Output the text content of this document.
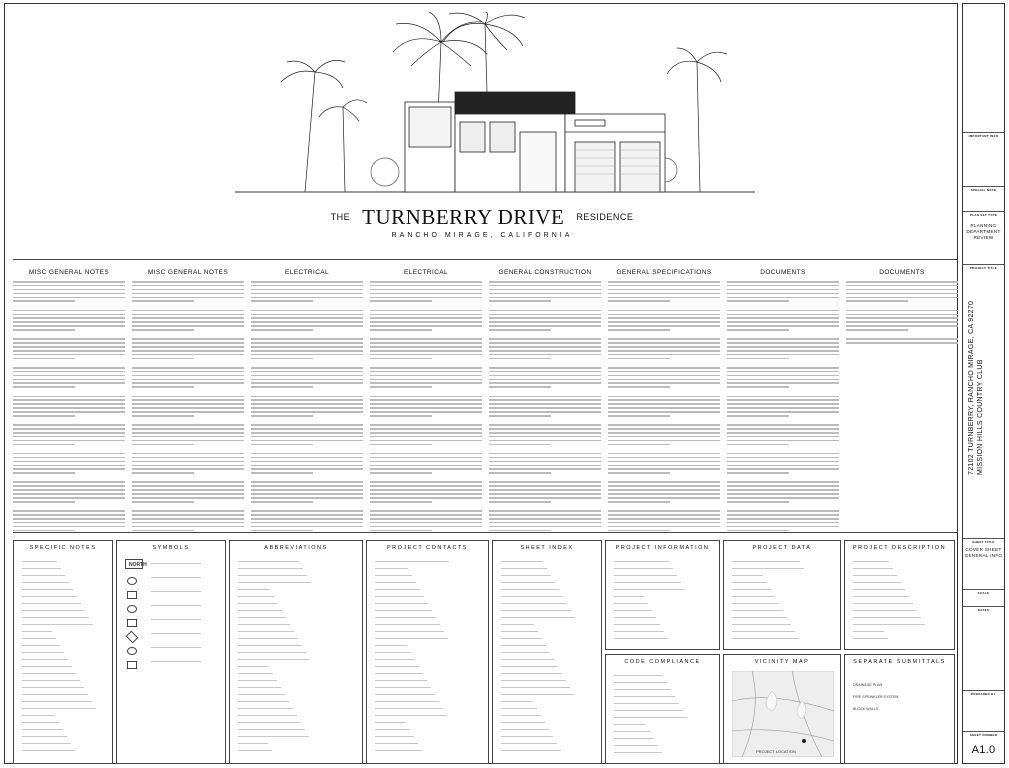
THE TURNBERRY DRIVE RESIDENCE
RANCHO MIRAGE, CALIFORNIA
MISC GENERAL NOTES	MISC GENERAL NOTES	ELECTRICAL	ELECTRICAL	GENERAL CONSTRUCTION	GENERAL SPECIFICATIONS	DOCUMENTS	DOCUMENTS
SPECIFIC NOTES	SYMBOLS
NORTH
ABBREVIATIONS	PROJECT CONTACTS	SHEET INDEX	PROJECT INFORMATION	PROJECT DATA	PROJECT DESCRIPTION
CODE COMPLIANCE	VICINITY MAP
PROJECT LOCATION
SEPARATE SUBMITTALS
DRAINAGE PLAN
FIRE SPRINKLER SYSTEM
BLOCK WALLS
IMPORTANT INFO
SPECIAL NOTE
PLAN SET TYPE
PLANNING DEPARTMENT REVIEW
PROJECT TITLE
72102 TURNBERRY, RANCHO MIRAGE, CA 92270 MISSION HILLS COUNTRY CLUB
SHEET TITLE
COVER SHEET GENERAL INFO
SCALE
DATES
PREPARED BY
SHEET NUMBER
A1.0
